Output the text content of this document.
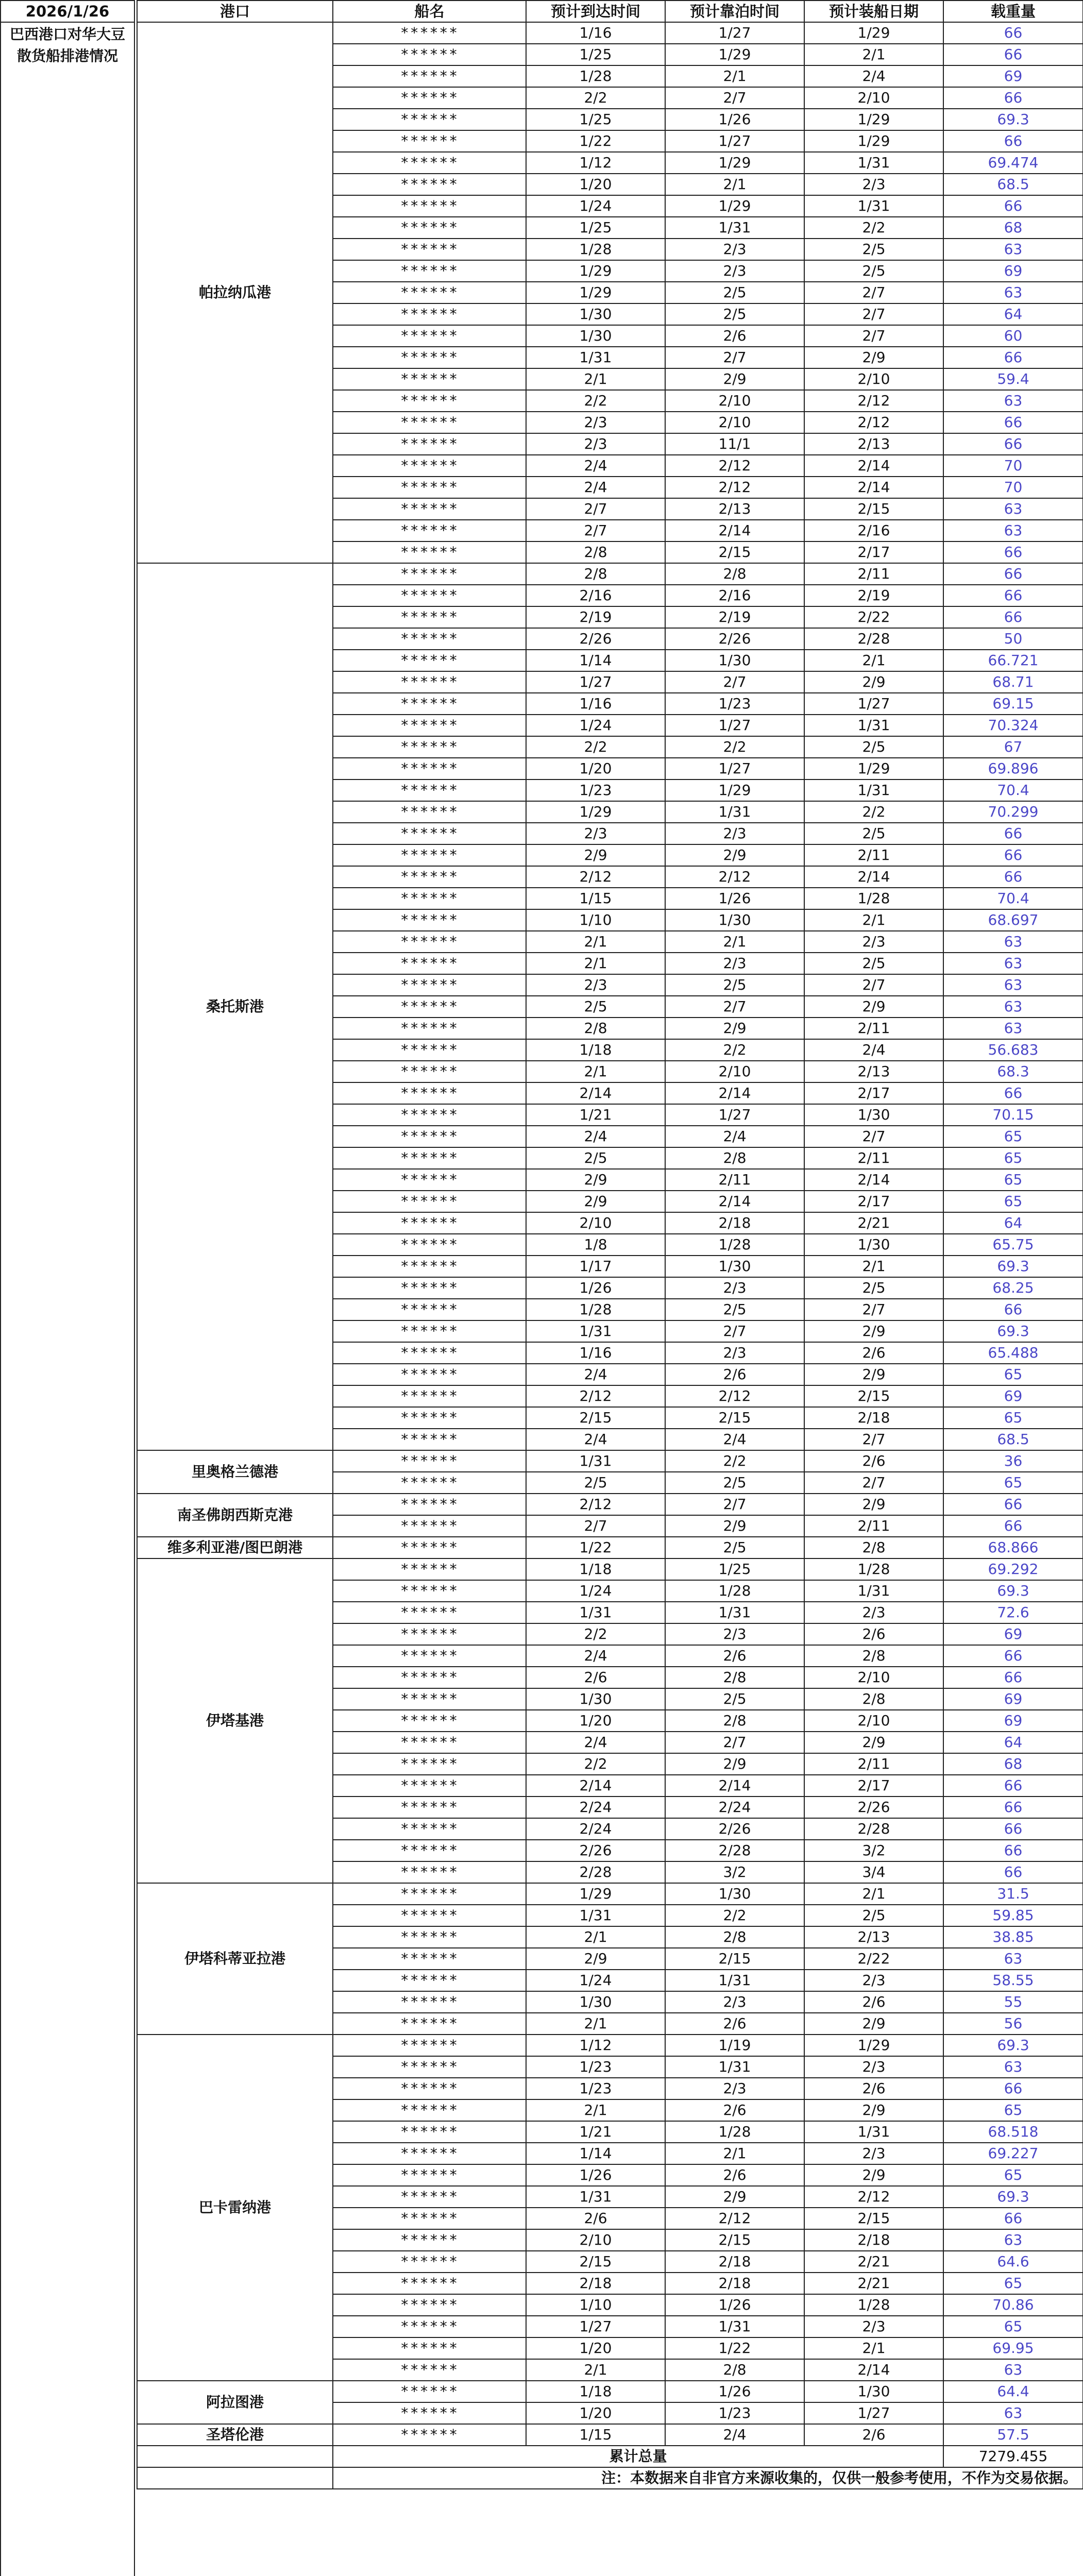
2026/1/26
巴西港口对华大豆
散货船排港情况
港口	船名	预计到达时间	预计靠泊时间	预计装船日期	载重量
帕拉纳瓜港	******	1/16	1/27	1/29	66
	******	1/25	1/29	2/1	66
	******	1/28	2/1	2/4	69
	******	2/2	2/7	2/10	66
	******	1/25	1/26	1/29	69.3
	******	1/22	1/27	1/29	66
	******	1/12	1/29	1/31	69.474
	******	1/20	2/1	2/3	68.5
	******	1/24	1/29	1/31	66
	******	1/25	1/31	2/2	68
	******	1/28	2/3	2/5	63
	******	1/29	2/3	2/5	69
	******	1/29	2/5	2/7	63
	******	1/30	2/5	2/7	64
	******	1/30	2/6	2/7	60
	******	1/31	2/7	2/9	66
	******	2/1	2/9	2/10	59.4
	******	2/2	2/10	2/12	63
	******	2/3	2/10	2/12	66
	******	2/3	11/1	2/13	66
	******	2/4	2/12	2/14	70
	******	2/4	2/12	2/14	70
	******	2/7	2/13	2/15	63
	******	2/7	2/14	2/16	63
	******	2/8	2/15	2/17	66
桑托斯港	******	2/8	2/8	2/11	66
	******	2/16	2/16	2/19	66
	******	2/19	2/19	2/22	66
	******	2/26	2/26	2/28	50
	******	1/14	1/30	2/1	66.721
	******	1/27	2/7	2/9	68.71
	******	1/16	1/23	1/27	69.15
	******	1/24	1/27	1/31	70.324
	******	2/2	2/2	2/5	67
	******	1/20	1/27	1/29	69.896
	******	1/23	1/29	1/31	70.4
	******	1/29	1/31	2/2	70.299
	******	2/3	2/3	2/5	66
	******	2/9	2/9	2/11	66
	******	2/12	2/12	2/14	66
	******	1/15	1/26	1/28	70.4
	******	1/10	1/30	2/1	68.697
	******	2/1	2/1	2/3	63
	******	2/1	2/3	2/5	63
	******	2/3	2/5	2/7	63
	******	2/5	2/7	2/9	63
	******	2/8	2/9	2/11	63
	******	1/18	2/2	2/4	56.683
	******	2/1	2/10	2/13	68.3
	******	2/14	2/14	2/17	66
	******	1/21	1/27	1/30	70.15
	******	2/4	2/4	2/7	65
	******	2/5	2/8	2/11	65
	******	2/9	2/11	2/14	65
	******	2/9	2/14	2/17	65
	******	2/10	2/18	2/21	64
	******	1/8	1/28	1/30	65.75
	******	1/17	1/30	2/1	69.3
	******	1/26	2/3	2/5	68.25
	******	1/28	2/5	2/7	66
	******	1/31	2/7	2/9	69.3
	******	1/16	2/3	2/6	65.488
	******	2/4	2/6	2/9	65
	******	2/12	2/12	2/15	69
	******	2/15	2/15	2/18	65
	******	2/4	2/4	2/7	68.5
里奥格兰德港	******	1/31	2/2	2/6	36
	******	2/5	2/5	2/7	65
南圣佛朗西斯克港	******	2/12	2/7	2/9	66
	******	2/7	2/9	2/11	66
维多利亚港/图巴朗港	******	1/22	2/5	2/8	68.866
伊塔基港	******	1/18	1/25	1/28	69.292
	******	1/24	1/28	1/31	69.3
	******	1/31	1/31	2/3	72.6
	******	2/2	2/3	2/6	69
	******	2/4	2/6	2/8	66
	******	2/6	2/8	2/10	66
	******	1/30	2/5	2/8	69
	******	1/20	2/8	2/10	69
	******	2/4	2/7	2/9	64
	******	2/2	2/9	2/11	68
	******	2/14	2/14	2/17	66
	******	2/24	2/24	2/26	66
	******	2/24	2/26	2/28	66
	******	2/26	2/28	3/2	66
	******	2/28	3/2	3/4	66
伊塔科蒂亚拉港	******	1/29	1/30	2/1	31.5
	******	1/31	2/2	2/5	59.85
	******	2/1	2/8	2/13	38.85
	******	2/9	2/15	2/22	63
	******	1/24	1/31	2/3	58.55
	******	1/30	2/3	2/6	55
	******	2/1	2/6	2/9	56
巴卡雷纳港	******	1/12	1/19	1/29	69.3
	******	1/23	1/31	2/3	63
	******	1/23	2/3	2/6	66
	******	2/1	2/6	2/9	65
	******	1/21	1/28	1/31	68.518
	******	1/14	2/1	2/3	69.227
	******	1/26	2/6	2/9	65
	******	1/31	2/9	2/12	69.3
	******	2/6	2/12	2/15	66
	******	2/10	2/15	2/18	63
	******	2/15	2/18	2/21	64.6
	******	2/18	2/18	2/21	65
	******	1/10	1/26	1/28	70.86
	******	1/27	1/31	2/3	65
	******	1/20	1/22	2/1	69.95
	******	2/1	2/8	2/14	63
阿拉图港	******	1/18	1/26	1/30	64.4
	******	1/20	1/23	1/27	63
圣塔伦港	******	1/15	2/4	2/6	57.5
	累计总量				7279.455
	注：本数据来自非官方来源收集的，仅供一般参考使用，不作为交易依据。				
